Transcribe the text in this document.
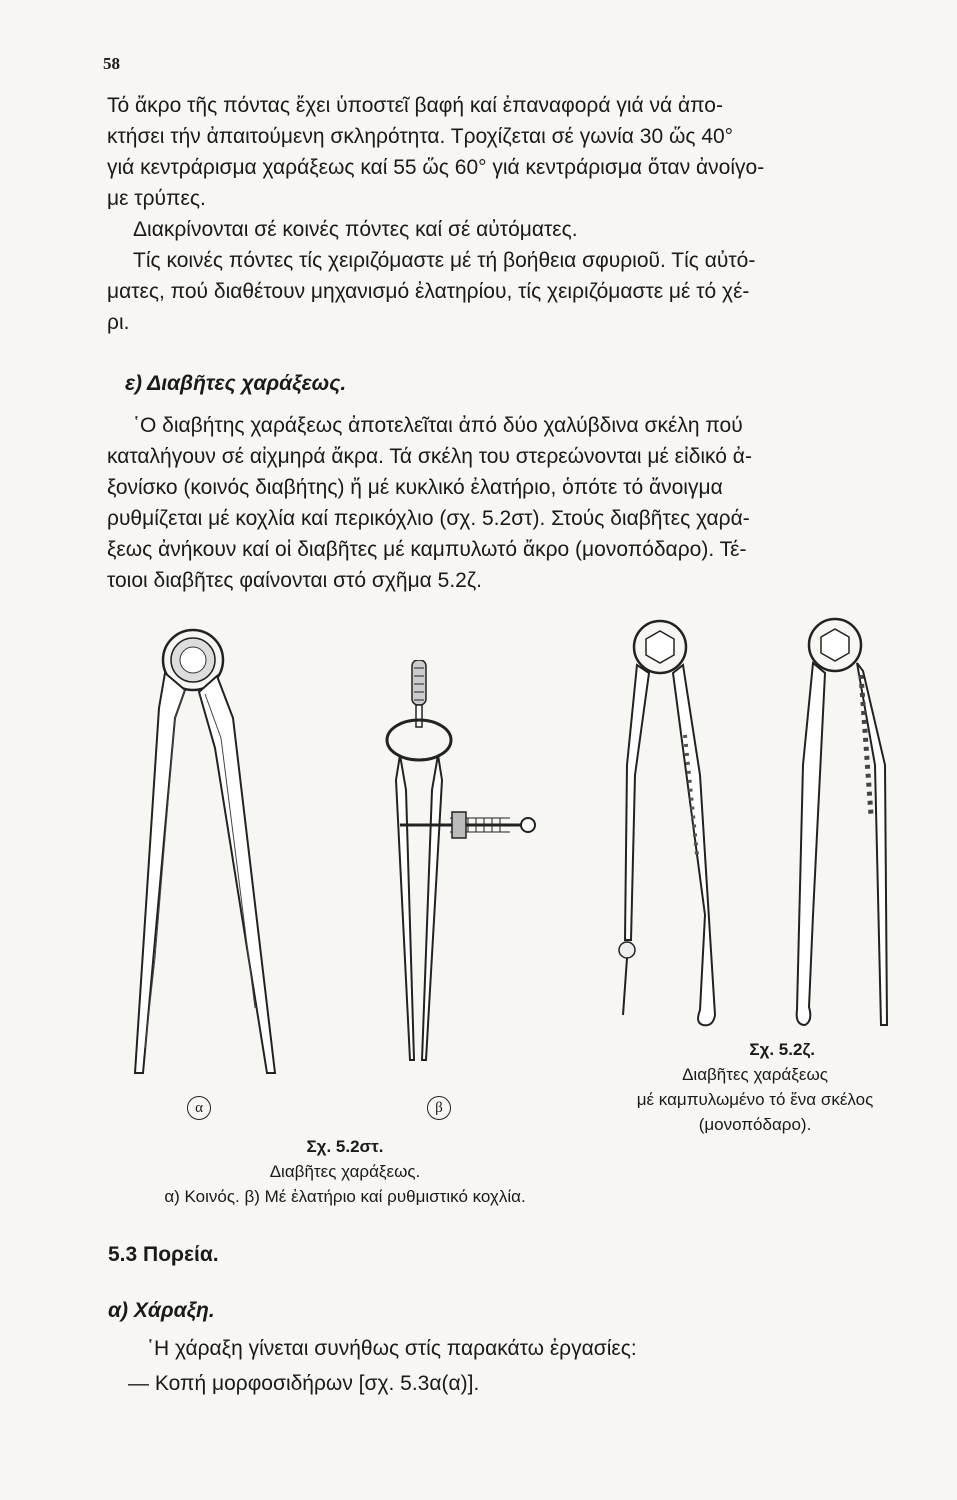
58
Τό ἄκρο τῆς πόντας ἔχει ὑποστεῖ βαφή καί ἐπαναφορά γιά νά ἀπο-
κτήσει τήν ἀπαιτούμενη σκληρότητα. Τροχίζεται σέ γωνία 30 ὥς 40°
γιά κεντράρισμα χαράξεως καί 55 ὥς 60° γιά κεντράρισμα ὅταν ἀνοίγο-
με τρύπες.
Διακρίνονται σέ κοινές πόντες καί σέ αὐτόματες.
Τίς κοινές πόντες τίς χειριζόμαστε μέ τή βοήθεια σφυριοῦ. Τίς αὐτό-
ματες, πού διαθέτουν μηχανισμό ἐλατηρίου, τίς χειριζόμαστε μέ τό χέ-
ρι.
ε) Διαβῆτες χαράξεως.
῾Ο διαβήτης χαράξεως ἀποτελεῖται ἀπό δύο χαλύβδινα σκέλη πού
καταλήγουν σέ αἰχμηρά ἄκρα. Τά σκέλη του στερεώνονται μέ εἰδικό ἀ-
ξονίσκο (κοινός διαβήτης) ἤ μέ κυκλικό ἐλατήριο, ὁπότε τό ἄνοιγμα
ρυθμίζεται μέ κοχλία καί περικόχλιο (σχ. 5.2στ). Στούς διαβῆτες χαρά-
ξεως ἀνήκουν καί οἱ διαβῆτες μέ καμπυλωτό ἄκρο (μονοπόδαρο). Τέ-
τοιοι διαβῆτες φαίνονται στό σχῆμα 5.2ζ.
α	β
Σχ. 5.2στ.
Διαβῆτες χαράξεως.
α) Κοινός. β) Μέ ἐλατήριο καί ρυθμιστικό κοχλία.
Σχ. 5.2ζ.
Διαβῆτες χαράξεως
μέ καμπυλωμένο τό ἕνα σκέλος
(μονοπόδαρο).
5.3 Πορεία.
α) Χάραξη.
῾Η χάραξη γίνεται συνήθως στίς παρακάτω ἐργασίες:
— Κοπή μορφοσιδήρων [σχ. 5.3α(α)].
